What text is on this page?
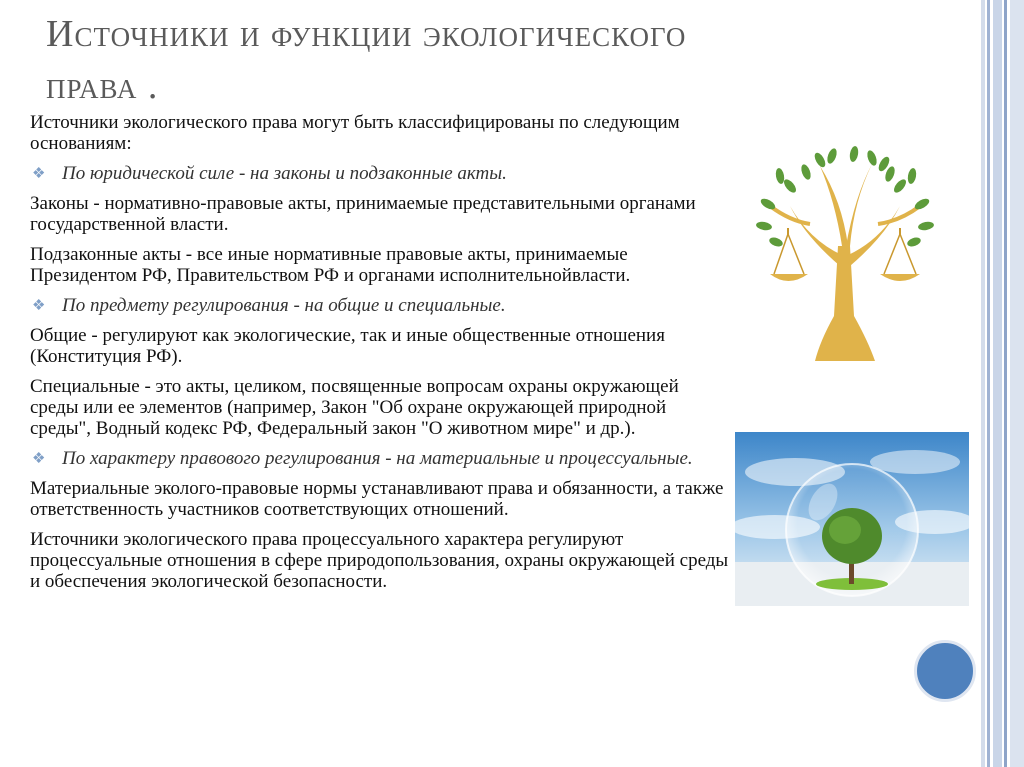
Источники и функции экологического
права .

Источники экологического права могут быть классифицированы по следующим основаниям:

❖ По юридической силе - на законы и подзаконные акты.

Законы - нормативно-правовые акты, принимаемые представительными органами государственной власти.

Подзаконные акты - все иные нормативные правовые акты, принимаемые Президентом РФ, Правительством РФ и органами исполнительнойвласти.

❖ По предмету регулирования - на общие и специальные.

Общие - регулируют как экологические, так и иные общественные отношения (Конституция РФ).

Специальные - это акты, целиком, посвященные вопросам охраны окружающей среды или ее элементов (например, Закон "Об охране окружающей природной среды", Водный кодекс РФ, Федеральный закон "О животном мире" и др.).

❖ По характеру правового регулирования - на материальные и процессуальные.

Материальные эколого-правовые нормы устанавливают права и обязанности, а также ответственность участников соответствующих отношений.

Источники экологического права процессуального характера регулируют процессуальные отношения в сфере природопользования, охраны окружающей среды и обеспечения экологической безопасности.
